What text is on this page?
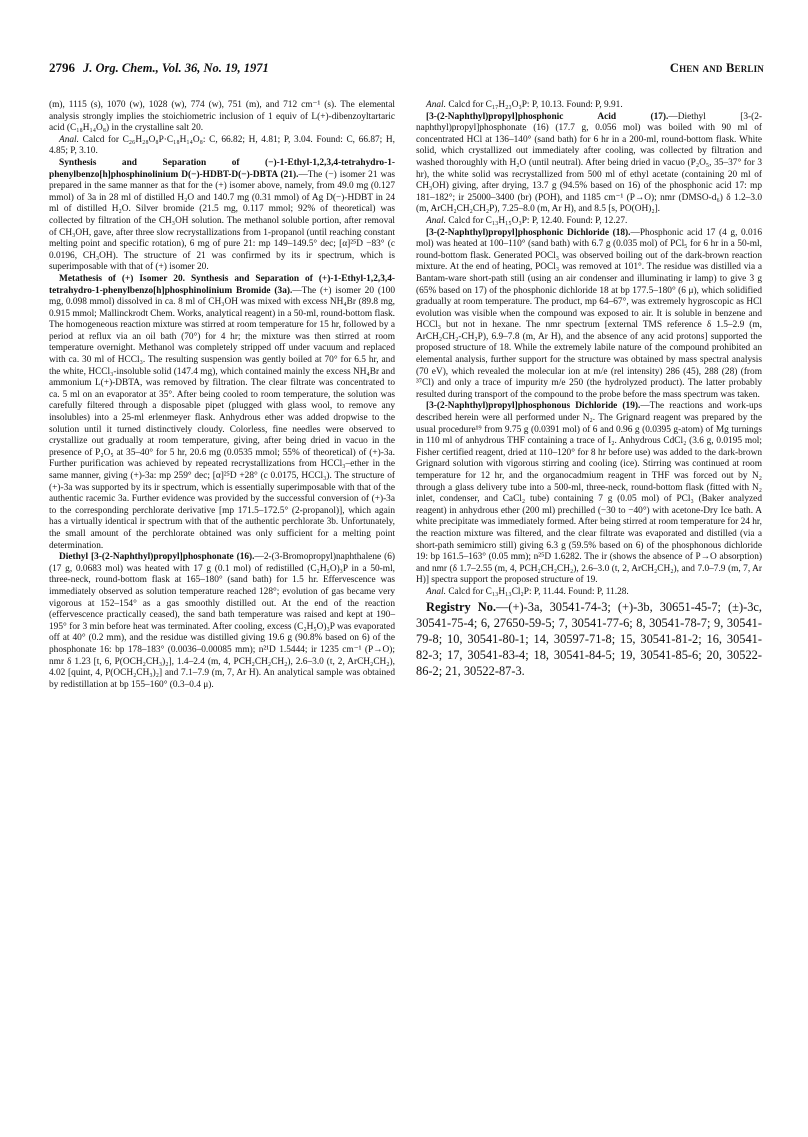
2796 J. Org. Chem., Vol. 36, No. 19, 1971	Chen and Berlin

(m), 1115 (s), 1070 (w), 1028 (w), 774 (w), 751 (m), and 712 cm⁻¹ (s). The elemental analysis strongly implies the stoichiometric inclusion of 1 equiv of L(+)-dibenzoyltartaric acid (C₁₈H₁₄O₈) in the crystalline salt 20.

Anal. Calcd for C₂₆H₂₈O₈P·C₁₈H₁₄O₈: C, 66.82; H, 4.81; P, 3.04. Found: C, 66.87; H, 4.85; P, 3.10.

Synthesis and Separation of (−)-1-Ethyl-1,2,3,4-tetrahydro-1-phenylbenzo[h]phosphinolinium D(−)-HDBT-D(−)-DBTA (21).—The (−) isomer 21 was prepared in the same manner as that for the (+) isomer above, namely, from 49.0 mg (0.127 mmol) of 3a in 28 ml of distilled H₂O and 140.7 mg (0.31 mmol) of Ag D(−)-HDBT in 24 ml of distilled H₂O. Silver bromide (21.5 mg, 0.117 mmol; 92% of theoretical) was collected by filtration of the CH₃OH solution. The methanol soluble portion, after removal of CH₃OH, gave, after three slow recrystallizations from 1-propanol (until reaching constant melting point and specific rotation), 6 mg of pure 21: mp 149–149.5° dec; [α]²⁵D −83° (c 0.0196, CH₃OH). The structure of 21 was confirmed by its ir spectrum, which is superimposable with that of (+) isomer 20.

Metathesis of (+) Isomer 20. Synthesis and Separation of (+)-1-Ethyl-1,2,3,4-tetrahydro-1-phenylbenzo[h]phosphinolinium Bromide (3a).—The (+) isomer 20 (100 mg, 0.098 mmol) dissolved in ca. 8 ml of CH₃OH was mixed with excess NH₄Br (89.8 mg, 0.915 mmol; Mallinckrodt Chem. Works, analytical reagent) in a 50-ml, round-bottom flask. The homogeneous reaction mixture was stirred at room temperature for 15 hr, followed by a period at reflux via an oil bath (70°) for 4 hr; the mixture was then stirred at room temperature overnight. Methanol was completely stripped off under vacuum and replaced with ca. 30 ml of HCCl₃. The resulting suspension was gently boiled at 70° for 6.5 hr, and the white, HCCl₃-insoluble solid (147.4 mg), which contained mainly the excess NH₄Br and ammonium L(+)-DBTA, was removed by filtration. The clear filtrate was concentrated to ca. 5 ml on an evaporator at 35°. After being cooled to room temperature, the solution was carefully filtered through a disposable pipet (plugged with glass wool, to remove any insolubles) into a 25-ml erlenmeyer flask. Anhydrous ether was added dropwise to the solution until it turned distinctively cloudy. Colorless, fine needles were observed to crystallize out gradually at room temperature, giving, after being dried in vacuo in the presence of P₂O₅ at 35–40° for 5 hr, 20.6 mg (0.0535 mmol; 55% of theoretical) of (+)-3a. Further purification was achieved by repeated recrystallizations from HCCl₃–ether in the same manner, giving (+)-3a: mp 259° dec; [α]²⁵D +28° (c 0.0175, HCCl₃). The structure of (+)-3a was supported by its ir spectrum, which is essentially superimposable with that of the authentic racemic 3a. Further evidence was provided by the successful conversion of (+)-3a to the corresponding perchlorate derivative [mp 171.5–172.5° (2-propanol)], which again has a virtually identical ir spectrum with that of the authentic perchlorate 3b. Unfortunately, the small amount of the perchlorate obtained was only sufficient for a melting point determination.

Diethyl [3-(2-Naphthyl)propyl]phosphonate (16).—2-(3-Bromopropyl)naphthalene (6) (17 g, 0.0683 mol) was heated with 17 g (0.1 mol) of redistilled (C₂H₅O)₃P in a 50-ml, three-neck, round-bottom flask at 165–180° (sand bath) for 1.5 hr. Effervescence was immediately observed as solution temperature reached 128°; evolution of gas became very vigorous at 152–154° as a gas smoothly distilled out. At the end of the reaction (effervescence practically ceased), the sand bath temperature was raised and kept at 190–195° for 3 min before heat was terminated. After cooling, excess (C₂H₅O)₃P was evaporated off at 40° (0.2 mm), and the residue was distilled giving 19.6 g (90.8% based on 6) of the phosphonate 16: bp 178–183° (0.0036–0.00085 mm); n²¹D 1.5444; ir 1235 cm⁻¹ (P→O); nmr δ 1.23 [t, 6, P(OCH₂CH₃)₂], 1.4–2.4 (m, 4, PCH₂CH₂CH₂), 2.6–3.0 (t, 2, ArCH₂CH₂), 4.02 [quint, 4, P(OCH₂CH₃)₂] and 7.1–7.9 (m, 7, Ar H). An analytical sample was obtained by redistillation at bp 155–160° (0.3–0.4 μ).

Anal. Calcd for C₁₇H₂₃O₃P: P, 10.13. Found: P, 9.91.

[3-(2-Naphthyl)propyl]phosphonic Acid (17).—Diethyl [3-(2-naphthyl)propyl]phosphonate (16) (17.7 g, 0.056 mol) was boiled with 90 ml of concentrated HCl at 136–140° (sand bath) for 6 hr in a 200-ml, round-bottom flask. White solid, which crystallized out immediately after cooling, was collected by filtration and washed thoroughly with H₂O (until neutral). After being dried in vacuo (P₂O₅, 35–37° for 3 hr), the white solid was recrystallized from 500 ml of ethyl acetate (containing 20 ml of CH₃OH) giving, after drying, 13.7 g (94.5% based on 16) of the phosphonic acid 17: mp 181–182°; ir 25000–3400 (br) (POH), and 1185 cm⁻¹ (P→O); nmr (DMSO-d₆) δ 1.2–3.0 (m, ArCH₂CH₂CH₂P), 7.25–8.0 (m, Ar H), and 8.5 [s, PO(OH)₂].

Anal. Calcd for C₁₃H₁₅O₃P: P, 12.40. Found: P, 12.27.

[3-(2-Naphthyl)propyl]phosphonic Dichloride (18).—Phosphonic acid 17 (4 g, 0.016 mol) was heated at 100–110° (sand bath) with 6.7 g (0.035 mol) of PCl₅ for 6 hr in a 50-ml, round-bottom flask. Generated POCl₃ was observed boiling out of the dark-brown reaction mixture. At the end of heating, POCl₃ was removed at 101°. The residue was distilled via a Bantam-ware short-path still (using an air condenser and illuminating ir lamp) to give 3 g (65% based on 17) of the phosphonic dichloride 18 at bp 177.5–180° (6 μ), which solidified gradually at room temperature. The product, mp 64–67°, was extremely hygroscopic as HCl evolution was visible when the compound was exposed to air. It is soluble in benzene and HCCl₃ but not in hexane. The nmr spectrum [external TMS reference δ 1.5–2.9 (m, ArCH₂CH₂-CH₂P), 6.9–7.8 (m, Ar H), and the absence of any acid protons] supported the proposed structure of 18. While the extremely labile nature of the compound prohibited an elemental analysis, further support for the structure was obtained by mass spectral analysis (70 eV), which revealed the molecular ion at m/e (rel intensity) 286 (45), 288 (28) (from ³⁷Cl) and only a trace of impurity m/e 250 (the hydrolyzed product). The latter probably resulted during transport of the compound to the probe before the mass spectrum was taken.

[3-(2-Naphthyl)propyl]phosphonous Dichloride (19).—The reactions and work-ups described herein were all performed under N₂. The Grignard reagent was prepared by the usual procedure¹⁹ from 9.75 g (0.0391 mol) of 6 and 0.96 g (0.0395 g-atom) of Mg turnings in 110 ml of anhydrous THF containing a trace of I₂. Anhydrous CdCl₂ (3.6 g, 0.0195 mol; Fisher certified reagent, dried at 110–120° for 8 hr before use) was added to the dark-brown Grignard solution with vigorous stirring and cooling (ice). Stirring was continued at room temperature for 12 hr, and the organocadmium reagent in THF was forced out by N₂ through a glass delivery tube into a 500-ml, three-neck, round-bottom flask (fitted with N₂ inlet, condenser, and CaCl₂ tube) containing 7 g (0.05 mol) of PCl₃ (Baker analyzed reagent) in anhydrous ether (200 ml) prechilled (−30 to −40°) with acetone-Dry Ice bath. A white precipitate was immediately formed. After being stirred at room temperature for 24 hr, the reaction mixture was filtered, and the clear filtrate was evaporated and distilled (via a short-path semimicro still) giving 6.3 g (59.5% based on 6) of the phosphonous dichloride 19: bp 161.5–163° (0.05 mm); n²⁵D 1.6282. The ir (shows the absence of P→O absorption) and nmr (δ 1.7–2.55 (m, 4, PCH₂CH₂CH₂), 2.6–3.0 (t, 2, ArCH₂CH₂), and 7.0–7.9 (m, 7, Ar H)] spectra support the proposed structure of 19.

Anal. Calcd for C₁₃H₁₃Cl₂P: P, 11.44. Found: P, 11.28.

Registry No.—(+)-3a, 30541-74-3; (+)-3b, 30651-45-7; (±)-3c, 30541-75-4; 6, 27650-59-5; 7, 30541-77-6; 8, 30541-78-7; 9, 30541-79-8; 10, 30541-80-1; 14, 30597-71-8; 15, 30541-81-2; 16, 30541-82-3; 17, 30541-83-4; 18, 30541-84-5; 19, 30541-85-6; 20, 30522-86-2; 21, 30522-87-3.
